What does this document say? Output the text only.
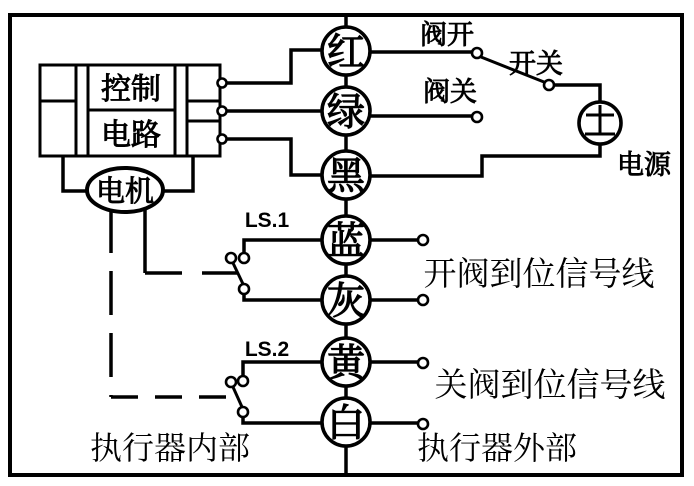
控制
电路
电机
红
绿
黑
蓝
灰
黄
白
阀开
阀关
开关
电源
LS.1
LS.2
开阀到位信号线
关阀到位信号线
执行器内部	执行器外部
